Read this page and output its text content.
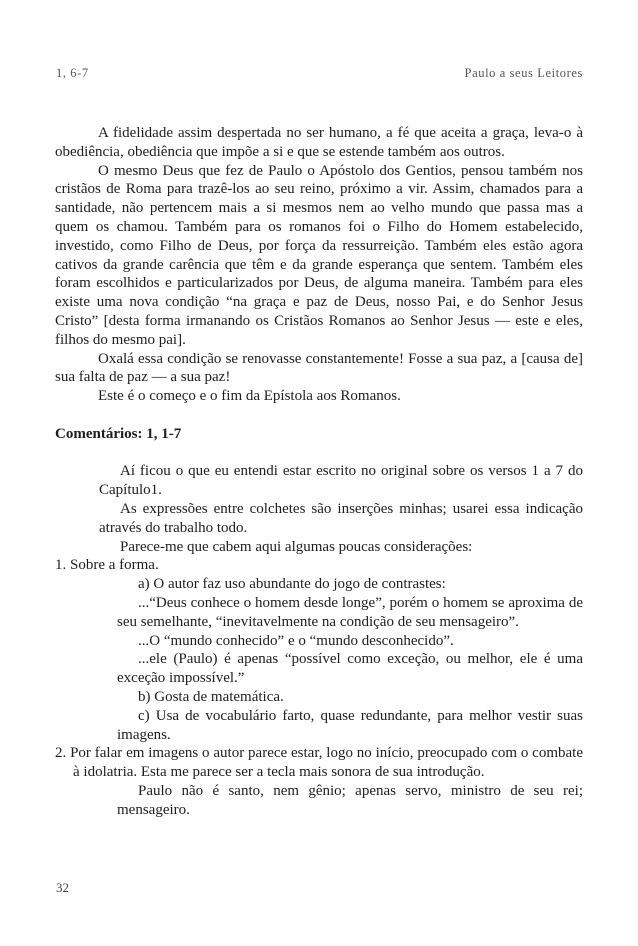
1, 6-7	Paulo a seus Leitores

A fidelidade assim despertada no ser humano, a fé que aceita a graça, leva-o à obediência, obediência que impõe a si e que se estende também aos outros.

O mesmo Deus que fez de Paulo o Apóstolo dos Gentios, pensou também nos cristãos de Roma para trazê-los ao seu reino, próximo a vir. Assim, chamados para a santidade, não pertencem mais a si mesmos nem ao velho mundo que passa mas a quem os chamou. Também para os romanos foi o Filho do Homem estabelecido, investido, como Filho de Deus, por força da ressurreição. Também eles estão agora cativos da grande carência que têm e da grande esperança que sentem. Também eles foram escolhidos e particularizados por Deus, de alguma maneira. Também para eles existe uma nova condição “na graça e paz de Deus, nosso Pai, e do Senhor Jesus Cristo” [desta forma irmanando os Cristãos Romanos ao Senhor Jesus — este e eles, filhos do mesmo pai].

Oxalá essa condição se renovasse constantemente! Fosse a sua paz, a [causa de] sua falta de paz — a sua paz!

Este é o começo e o fim da Epístola aos Romanos.

Comentários: 1, 1-7

Aí ficou o que eu entendi estar escrito no original sobre os versos 1 a 7 do Capítulo1.

As expressões entre colchetes são inserções minhas; usarei essa indicação através do trabalho todo.

Parece-me que cabem aqui algumas poucas considerações:

1. Sobre a forma.

a) O autor faz uso abundante do jogo de contrastes:

...“Deus conhece o homem desde longe”, porém o homem se aproxima de seu semelhante, “inevitavelmente na condição de seu mensageiro”.

...O “mundo conhecido” e o “mundo desconhecido”.

...ele (Paulo) é apenas “possível como exceção, ou melhor, ele é uma exceção impossível.”

b) Gosta de matemática.

c) Usa de vocabulário farto, quase redundante, para melhor vestir suas imagens.

2. Por falar em imagens o autor parece estar, logo no início, preocupado com o combate à idolatria. Esta me parece ser a tecla mais sonora de sua introdução.

Paulo não é santo, nem gênio; apenas servo, ministro de seu rei; mensageiro.

32
